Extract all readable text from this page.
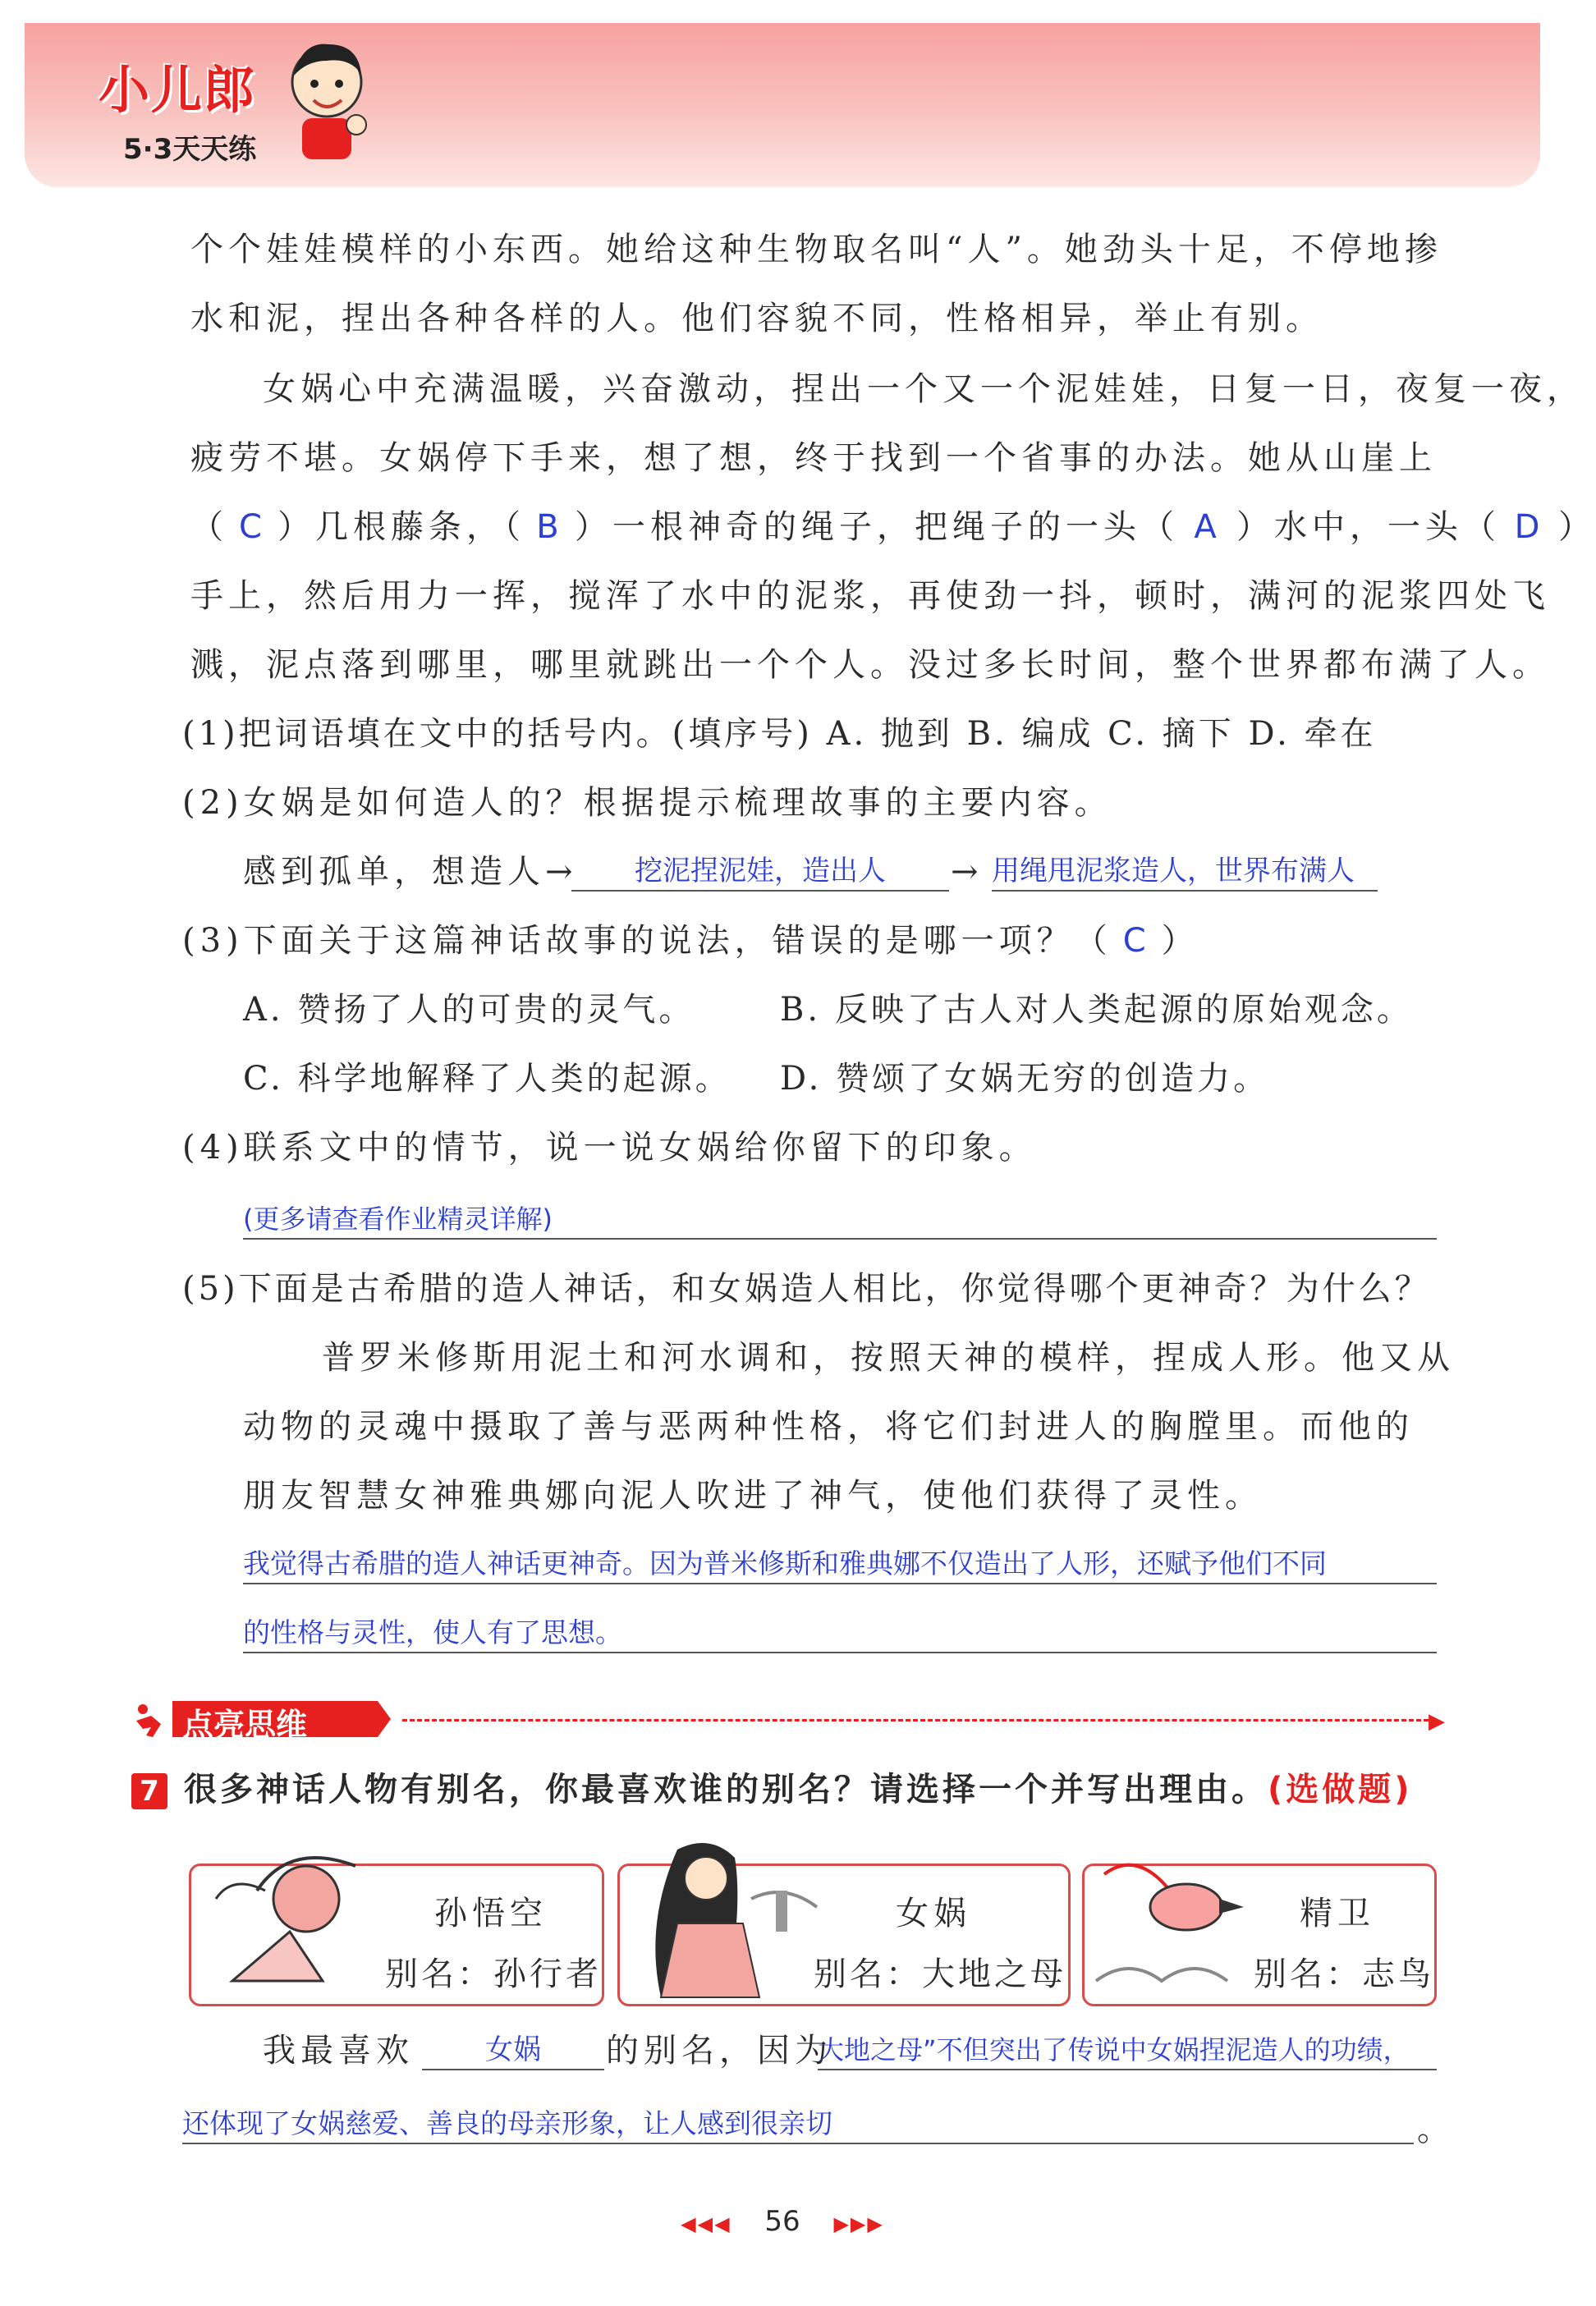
小儿郎
5·3天天练
个个娃娃模样的小东西。她给这种生物取名叫“人”。她劲头十足，不停地掺
水和泥，捏出各种各样的人。他们容貌不同，性格相异，举止有别。
女娲心中充满温暖，兴奋激动，捏出一个又一个泥娃娃，日复一日，夜复一夜，
疲劳不堪。女娲停下手来，想了想，终于找到一个省事的办法。她从山崖上
（ C ）几根藤条，（ B ）一根神奇的绳子，把绳子的一头（ A ）水中，一头（ D ）
手上，然后用力一挥，搅浑了水中的泥浆，再使劲一抖，顿时，满河的泥浆四处飞
溅，泥点落到哪里，哪里就跳出一个个人。没过多长时间，整个世界都布满了人。
(1)把词语填在文中的括号内。(填序号) A. 抛到 B. 编成 C. 摘下 D. 牵在
(2)女娲是如何造人的？根据提示梳理故事的主要内容。
感到孤单，想造人→	挖泥捏泥娃，造出人	→ 用绳甩泥浆造人，世界布满人
(3)下面关于这篇神话故事的说法，错误的是哪一项？（ C ）
A. 赞扬了人的可贵的灵气。	B. 反映了古人对人类起源的原始观念。
C. 科学地解释了人类的起源。 D. 赞颂了女娲无穷的创造力。
(4)联系文中的情节，说一说女娲给你留下的印象。
(更多请查看作业精灵详解)
(5)下面是古希腊的造人神话，和女娲造人相比，你觉得哪个更神奇？为什么？
普罗米修斯用泥土和河水调和，按照天神的模样，捏成人形。他又从
动物的灵魂中摄取了善与恶两种性格，将它们封进人的胸膛里。而他的
朋友智慧女神雅典娜向泥人吹进了神气，使他们获得了灵性。
我觉得古希腊的造人神话更神奇。因为普米修斯和雅典娜不仅造出了人形，还赋予他们不同
的性格与灵性，使人有了思想。
点亮思维	▶
7 很多神话人物有别名，你最喜欢谁的别名？请选择一个并写出理由。(选做题)
孙悟空
别名：孙行者
女娲
别名：大地之母
精卫
别名：志鸟
我最喜欢	女娲	的别名，因为
大地之母”不但突出了传说中女娲捏泥造人的功绩，
还体现了女娲慈爱、善良的母亲形象，让人感到很亲切	。
◀◀◀ 56 ▶▶▶
